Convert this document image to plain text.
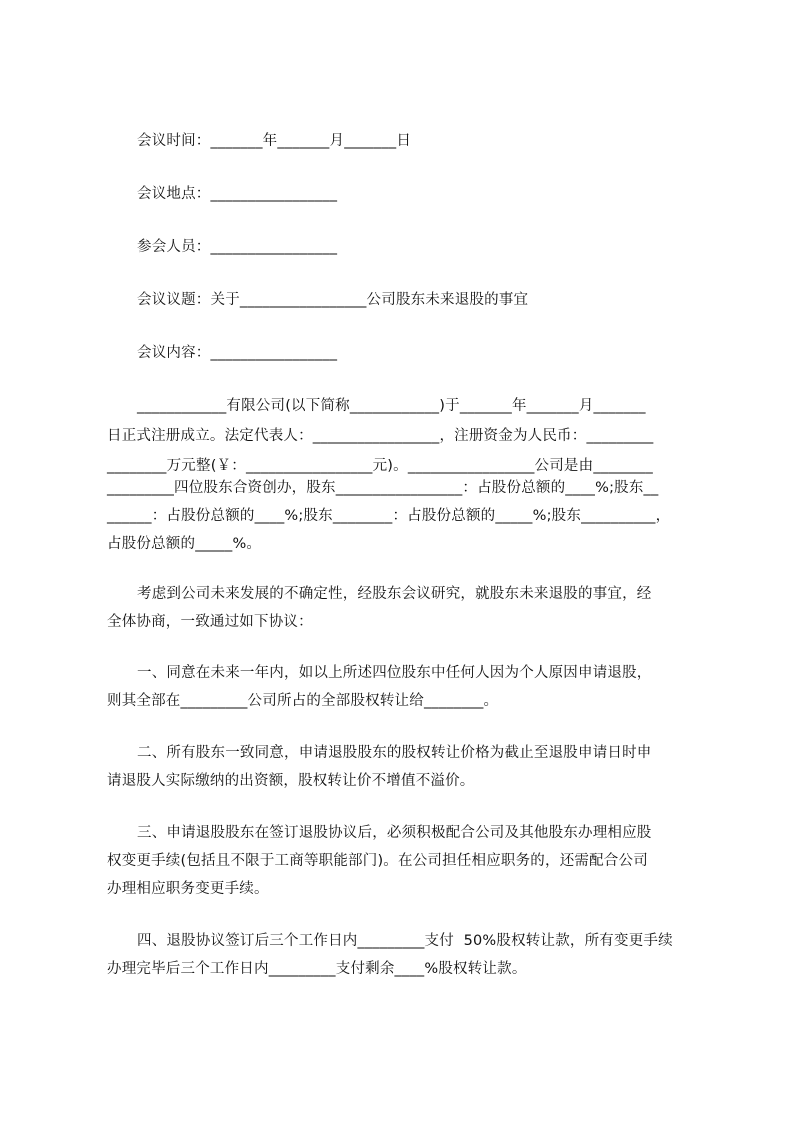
会议时间：_______年_______月_______日
会议地点：_________________
参会人员：_________________
会议议题：关于_________________公司股东未来退股的事宜
会议内容：_________________
____________有限公司(以下简称____________)于_______年_______月_______
日正式注册成立。法定代表人：_________________，注册资金为人民币：_________
________万元整(￥：_________________元)。_________________公司是由________
_________四位股东合资创办，股东_________________：占股份总额的____%;股东__
______：占股份总额的____%;股东________：占股份总额的_____%;股东__________，
占股份总额的_____%。
考虑到公司未来发展的不确定性，经股东会议研究，就股东未来退股的事宜，经
全体协商，一致通过如下协议：
一、同意在未来一年内，如以上所述四位股东中任何人因为个人原因申请退股，
则其全部在_________公司所占的全部股权转让给________。
二、所有股东一致同意，申请退股股东的股权转让价格为截止至退股申请日时申
请退股人实际缴纳的出资额，股权转让价不增值不溢价。
三、申请退股股东在签订退股协议后，必须积极配合公司及其他股东办理相应股
权变更手续(包括且不限于工商等职能部门)。在公司担任相应职务的，还需配合公司
办理相应职务变更手续。
四、退股协议签订后三个工作日内_________支付  50%股权转让款，所有变更手续
办理完毕后三个工作日内_________支付剩余____%股权转让款。
